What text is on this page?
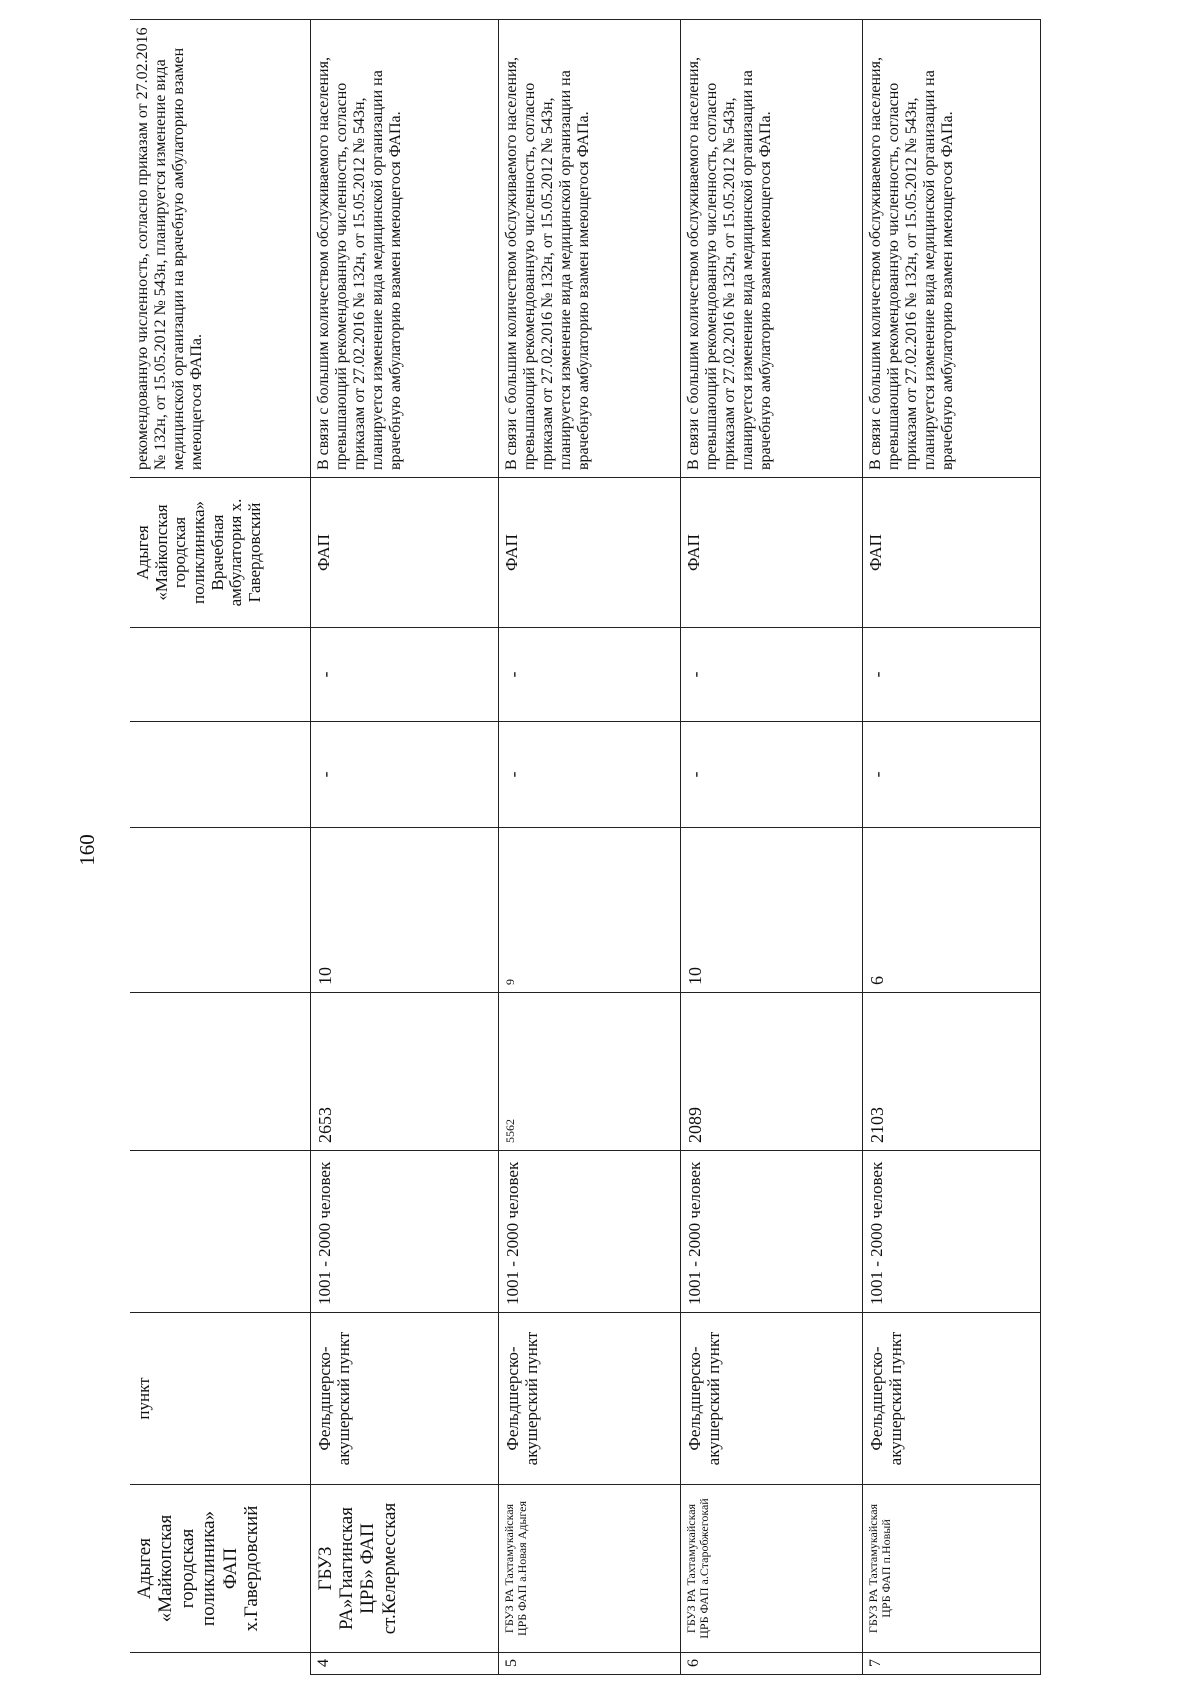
160
	Адыгея «Майкопская городская поликлиника» ФАП х.Гавердовский	пункт						Адыгея «Майкопская городская поликлиника» Врачебная амбулатория х. Гавердовский	рекомендованную численность, согласно приказам от 27.02.2016 № 132н, от 15.05.2012 № 543н, планируется изменение вида медицинской организации на врачебную амбулаторию взамен имеющегося ФАПа.
4	ГБУЗ РА»Гиагинская ЦРБ» ФАП ст.Келермесская	Фельдшерско-акушерский пункт	1001 - 2000 человек	2653	10	-	-	ФАП	В связи с большим количеством обслуживаемого населения, превышающий рекомендованную численность, согласно приказам от 27.02.2016 № 132н, от 15.05.2012 № 543н, планируется изменение вида медицинской организации на врачебную амбулаторию взамен имеющегося ФАПа.
5	ГБУЗ РА Тахтамукайская ЦРБ ФАП а.Новая Адыгея	Фельдшерско-акушерский пункт	1001 - 2000 человек	5562	9	-	-	ФАП	В связи с большим количеством обслуживаемого населения, превышающий рекомендованную численность, согласно приказам от 27.02.2016 № 132н, от 15.05.2012 № 543н, планируется изменение вида медицинской организации на врачебную амбулаторию взамен имеющегося ФАПа.
6	ГБУЗ РА Тахтамукайская ЦРБ ФАП а.Старобжегокай	Фельдшерско-акушерский пункт	1001 - 2000 человек	2089	10	-	-	ФАП	В связи с большим количеством обслуживаемого населения, превышающий рекомендованную численность, согласно приказам от 27.02.2016 № 132н, от 15.05.2012 № 543н, планируется изменение вида медицинской организации на врачебную амбулаторию взамен имеющегося ФАПа.
7	ГБУЗ РА Тахтамукайская ЦРБ ФАП п.Новый	Фельдшерско-акушерский пункт	1001 - 2000 человек	2103	6	-	-	ФАП	В связи с большим количеством обслуживаемого населения, превышающий рекомендованную численность, согласно приказам от 27.02.2016 № 132н, от 15.05.2012 № 543н, планируется изменение вида медицинской организации на врачебную амбулаторию взамен имеющегося ФАПа.
